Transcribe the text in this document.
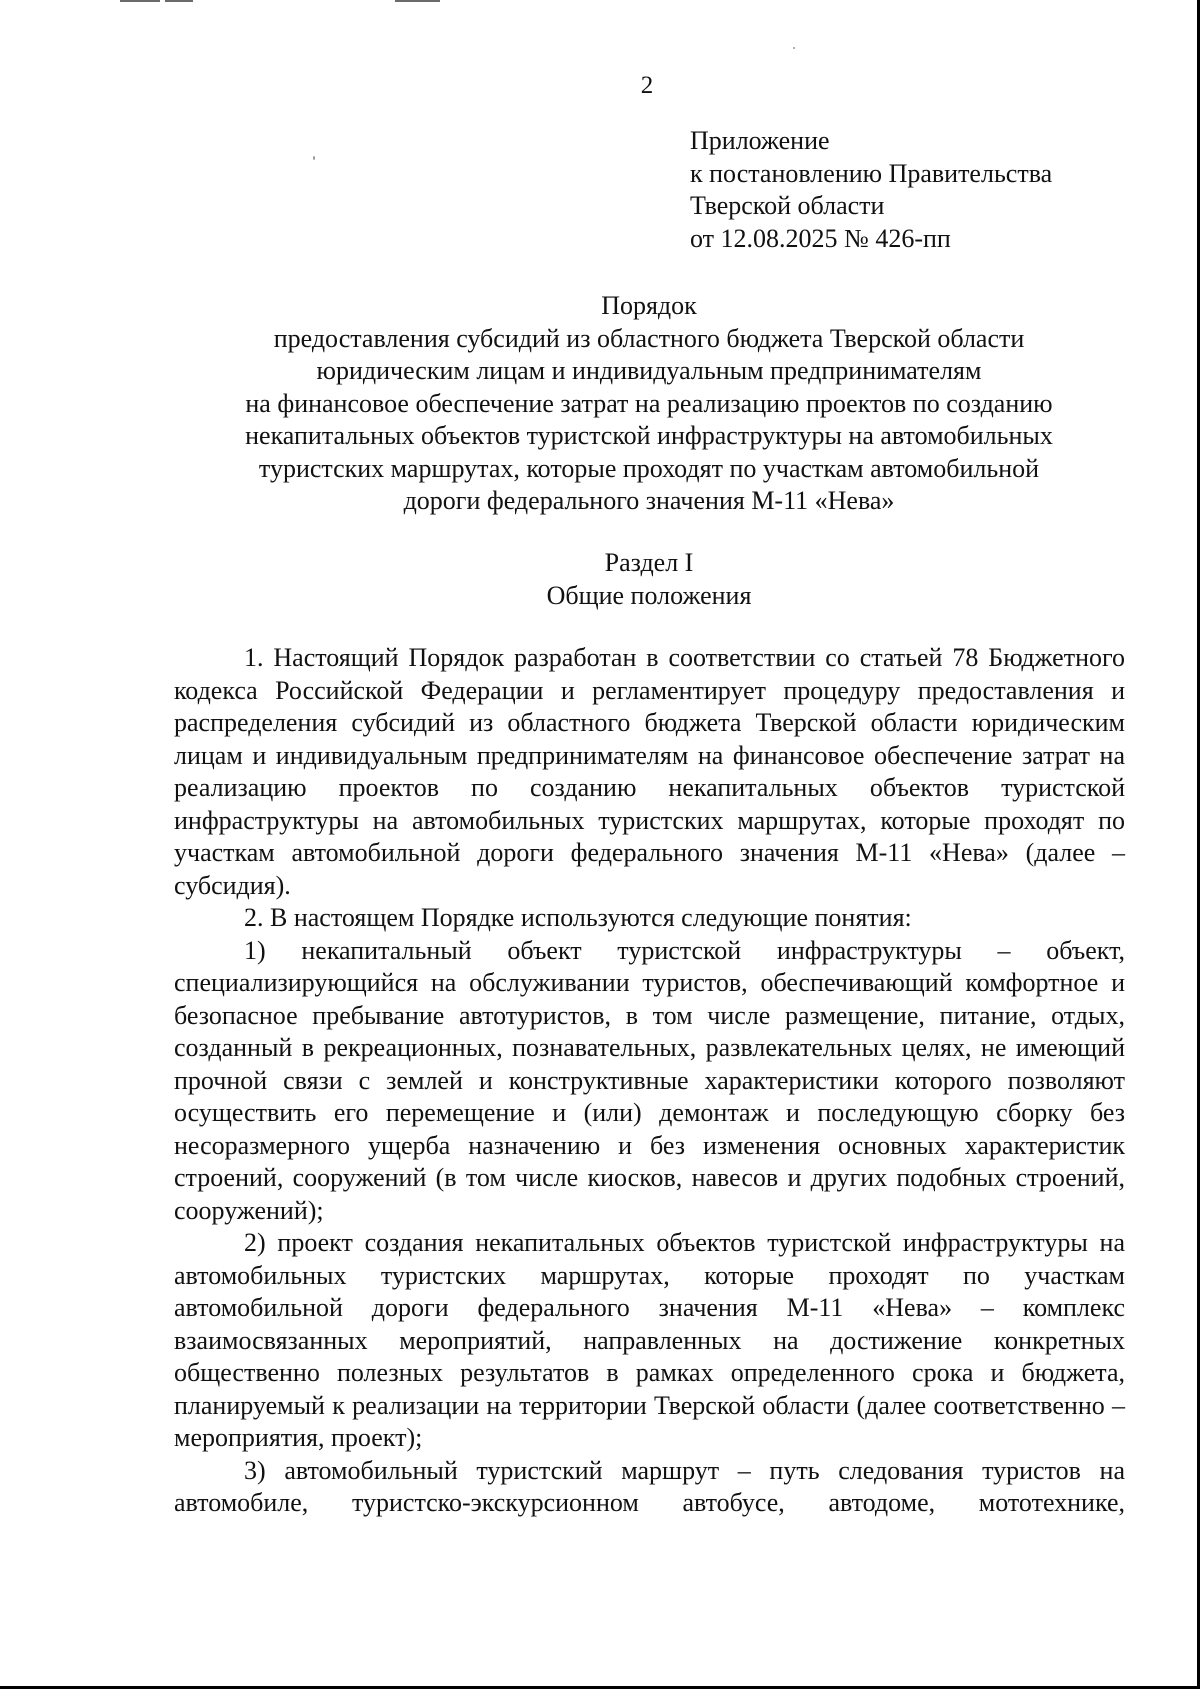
2
Приложение
к постановлению Правительства
Тверской области
от 12.08.2025 № 426-пп
Порядок
предоставления субсидий из областного бюджета Тверской области
юридическим лицам и индивидуальным предпринимателям
на финансовое обеспечение затрат на реализацию проектов по созданию
некапитальных объектов туристской инфраструктуры на автомобильных
туристских маршрутах, которые проходят по участкам автомобильной
дороги федерального значения М-11 «Нева»
Раздел I
Общие положения

1. Настоящий Порядок разработан в соответствии со статьей 78 Бюджетного кодекса Российской Федерации и регламентирует процедуру предоставления и распределения субсидий из областного бюджета Тверской области юридическим лицам и индивидуальным предпринимателям на финансовое обеспечение затрат на реализацию проектов по созданию некапитальных объектов туристской инфраструктуры на автомобильных туристских маршрутах, которые проходят по участкам автомобильной дороги федерального значения М-11 «Нева» (далее – субсидия).

2. В настоящем Порядке используются следующие понятия:

1) некапитальный объект туристской инфраструктуры – объект, специализирующийся на обслуживании туристов, обеспечивающий комфортное и безопасное пребывание автотуристов, в том числе размещение, питание, отдых, созданный в рекреационных, познавательных, развлекательных целях, не имеющий прочной связи с землей и конструктивные характеристики которого позволяют осуществить его перемещение и (или) демонтаж и последующую сборку без несоразмерного ущерба назначению и без изменения основных характеристик строений, сооружений (в том числе киосков, навесов и других подобных строений, сооружений);

2) проект создания некапитальных объектов туристской инфраструктуры на автомобильных туристских маршрутах, которые проходят по участкам автомобильной дороги федерального значения М-11 «Нева» – комплекс взаимосвязанных мероприятий, направленных на достижение конкретных общественно полезных результатов в рамках определенного срока и бюджета, планируемый к реализации на территории Тверской области (далее соответственно – мероприятия, проект);

3) автомобильный туристский маршрут – путь следования туристов на автомобиле, туристско-экскурсионном автобусе, автодоме, мототехнике,
